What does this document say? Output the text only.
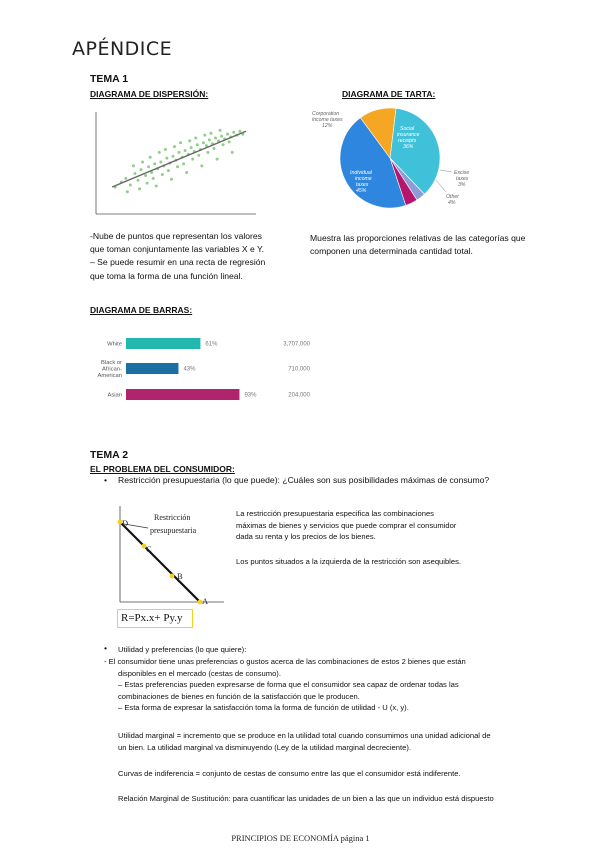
APÉNDICE
TEMA 1
DIAGRAMA DE DISPERSIÓN:	DIAGRAMA DE TARTA:
Corporation
income taxes
12%	Social
insurance
receipts
36%
Individual
income
taxes
45%
Excise
taxes
3%
Other
4%
-Nube de puntos que representan los valores
que toman conjuntamente las variables X e Y.
– Se puede resumir en una recta de regresión
que toma la forma de una función lineal.
Muestra las proporciones relativas de las categorías que
componen una determinada cantidad total.
DIAGRAMA DE BARRAS:
White	61%	3,707,000
Black or
African-
American
43%	710,000
Asian	93%	204,000
TEMA 2
EL PROBLEMA DEL CONSUMIDOR:
• Restricción presupuestaria (lo que puede): ¿Cuáles son sus posibilidades máximas de consumo?
Restricción
presupuestaria
D
C
B
A
R=Px.x+ Py.y
La restricción presupuestaria especifica las combinaciones
máximas de bienes y servicios que puede comprar el consumidor
dada su renta y los precios de los bienes.
Los puntos situados a la izquierda de la restricción son asequibles.
• Utilidad y preferencias (lo que quiere):
- El consumidor tiene unas preferencias o gustos acerca de las combinaciones de estos 2 bienes que están
disponibles en el mercado (cestas de consumo).
– Estas preferencias pueden expresarse de forma que el consumidor sea capaz de ordenar todas las
combinaciones de bienes en función de la satisfacción que le producen.
– Esta forma de expresar la satisfacción toma la forma de función de utilidad - U (x, y).
Utilidad marginal = incremento que se produce en la utilidad total cuando consumimos una unidad adicional de
un bien. La utilidad marginal va disminuyendo (Ley de la utilidad marginal decreciente).
Curvas de indiferencia = conjunto de cestas de consumo entre las que el consumidor está indiferente.
Relación Marginal de Sustitución: para cuantificar las unidades de un bien a las que un individuo está dispuesto
PRINCIPIOS DE ECONOMÍA página 1
